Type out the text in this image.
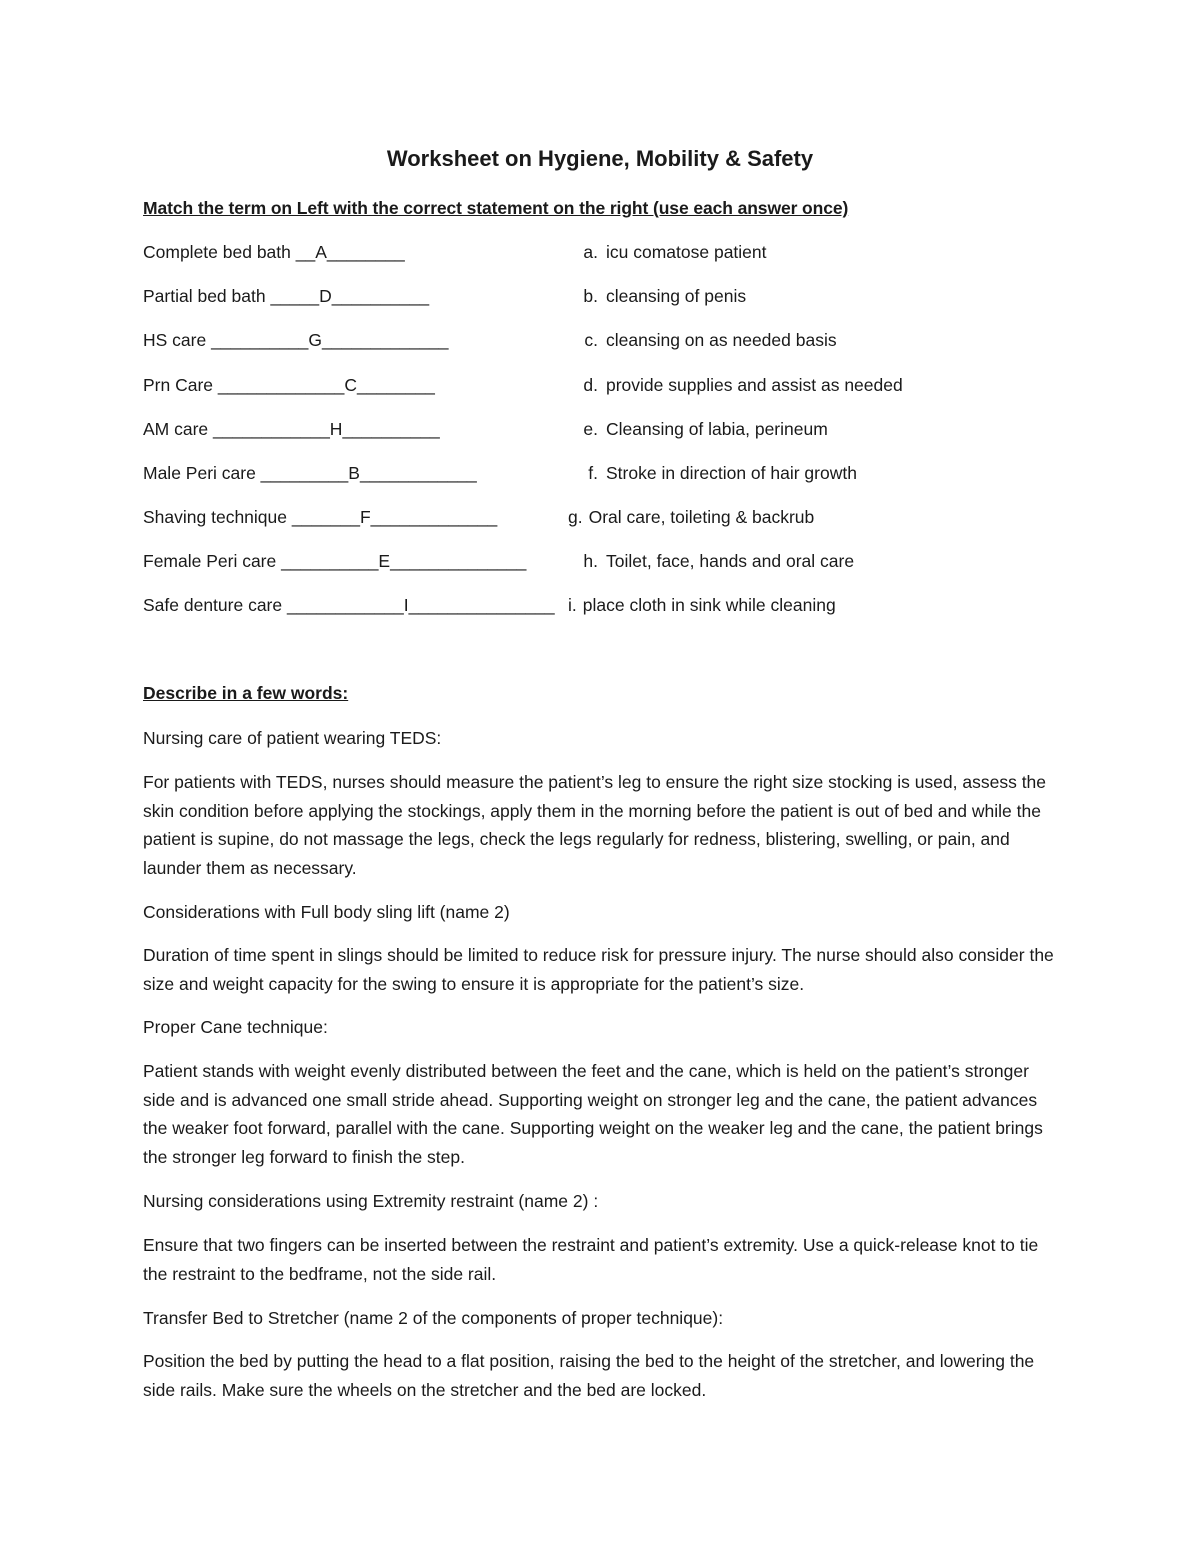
Worksheet on Hygiene, Mobility & Safety
Match the term on Left with the correct statement on the right (use each answer once)
Complete bed bath __A________
Partial bed bath _____D__________
HS care __________G_____________
Prn Care _____________C________
AM care ____________H__________
Male Peri care _________B____________
Shaving technique _______F_____________
Female Peri care __________E______________
Safe denture care ____________I_______________
a. icu comatose patient
b. cleansing of penis
c. cleansing on as needed basis
d. provide supplies and assist as needed
e. Cleansing of labia, perineum
f. Stroke in direction of hair growth
g. Oral care, toileting & backrub
h. Toilet, face, hands and oral care
i. place cloth in sink while cleaning
Describe in a few words:
Nursing care of patient wearing TEDS:

For patients with TEDS, nurses should measure the patient’s leg to ensure the right size stocking is used, assess the skin condition before applying the stockings, apply them in the morning before the patient is out of bed and while the patient is supine, do not massage the legs, check the legs regularly for redness, blistering, swelling, or pain, and launder them as necessary.

Considerations with Full body sling lift (name 2)

Duration of time spent in slings should be limited to reduce risk for pressure injury. The nurse should also consider the size and weight capacity for the swing to ensure it is appropriate for the patient’s size.

Proper Cane technique:

Patient stands with weight evenly distributed between the feet and the cane, which is held on the patient’s stronger side and is advanced one small stride ahead. Supporting weight on stronger leg and the cane, the patient advances the weaker foot forward, parallel with the cane. Supporting weight on the weaker leg and the cane, the patient brings the stronger leg forward to finish the step.

Nursing considerations using Extremity restraint (name 2) :

Ensure that two fingers can be inserted between the restraint and patient’s extremity. Use a quick-release knot to tie the restraint to the bedframe, not the side rail.

Transfer Bed to Stretcher (name 2 of the components of proper technique):

Position the bed by putting the head to a flat position, raising the bed to the height of the stretcher, and lowering the side rails. Make sure the wheels on the stretcher and the bed are locked.
